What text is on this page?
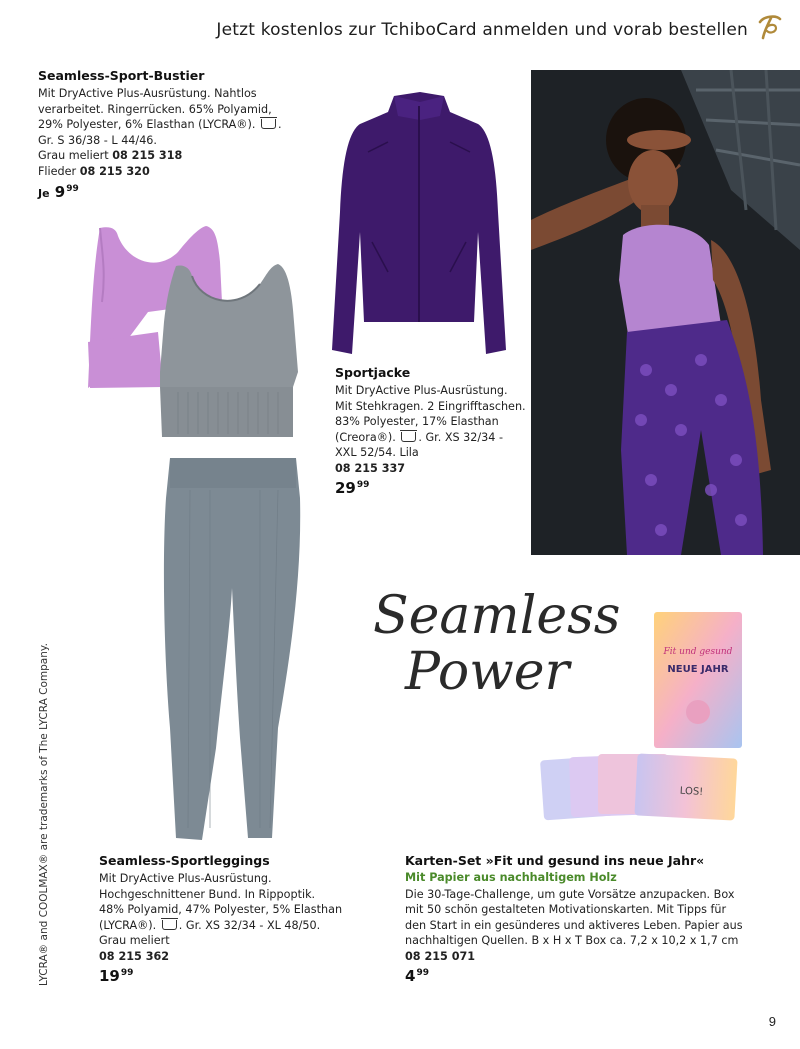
Jetzt kostenlos zur TchiboCard anmelden und vorab bestellen
Seamless-Sport-Bustier
Mit DryActive Plus-Ausrüstung. Nahtlos
verarbeitet. Ringerrücken. 65% Polyamid,
29% Polyester, 6% Elasthan (LYCRA®). .
Gr. S 36/38 - L 44/46.
Grau meliert 08 215 318
Flieder 08 215 320
Je $9^{99}$
Sportjacke
Mit DryActive Plus-Ausrüstung.
Mit Stehkragen. 2 Eingrifftaschen.
83% Polyester, 17% Elasthan
(Creora®). . Gr. XS 32/34 -
XXL 52/54. Lila
08 215 337
$29^{99}$
Seamless-Sportleggings
Mit DryActive Plus-Ausrüstung.
Hochgeschnittener Bund. In Rippoptik.
48% Polyamid, 47% Polyester, 5% Elasthan
(LYCRA®). . Gr. XS 32/34 - XL 48/50.
Grau meliert
08 215 362
$19^{99}$
Seamless
Power	Fit und gesund
NEUE JAHR
LOS!
Karten-Set »Fit und gesund ins neue Jahr«
Mit Papier aus nachhaltigem Holz
Die 30-Tage-Challenge, um gute Vorsätze anzupacken. Box
mit 50 schön gestalteten Motivationskarten. Mit Tipps für
den Start in ein gesünderes und aktiveres Leben. Papier aus
nachhaltigen Quellen. B x H x T Box ca. 7,2 x 10,2 x 1,7 cm
08 215 071
$4^{99}$
LYCRA® and COOLMAX® are trademarks of The LYCRA Company.
9
